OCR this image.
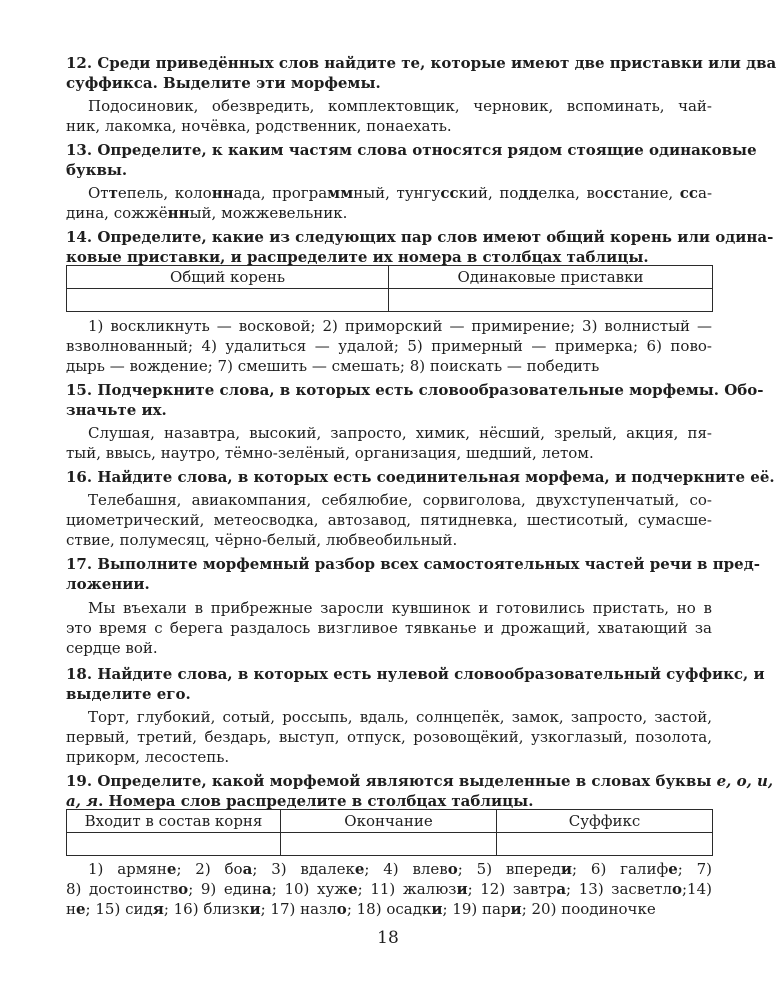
12. Среди приведённых слов найдите те, которые имеют две приставки или два
суффикса. Выделите эти морфемы.
Подосиновик, обезвредить, комплектовщик, черновик, вспоминать, чай-
ник, лакомка, ночёвка, родственник, понаехать.
13. Определите, к каким частям слова относятся рядом стоящие одинаковые
буквы.
Оттепель, колоннада, программный, тунгусский, подделка, восстание, сса-
дина, сожжённый, можжевельник.
14. Определите, какие из следующих пар слов имеют общий корень или одина-
ковые приставки, и распределите их номера в столбцах таблицы.
Общий корень	Одинаковые приставки

1) воскликнуть — восковой; 2) приморский — примирение; 3) волнистый —
взволнованный; 4) удалиться — удалой; 5) примерный — примерка; 6) пово-
дырь — вождение; 7) смешить — смешать; 8) поискать — победить
15. Подчеркните слова, в которых есть словообразовательные морфемы. Обо-
значьте их.
Слушая, назавтра, высокий, запросто, химик, нёсший, зрелый, акция, пя-
тый, ввысь, наутро, тёмно-зелёный, организация, шедший, летом.
16. Найдите слова, в которых есть соединительная морфема, и подчеркните её.
Телебашня, авиакомпания, себялюбие, сорвиголова, двухступенчатый, со-
циометрический, метеосводка, автозавод, пятидневка, шестисотый, сумасше-
ствие, полумесяц, чёрно-белый, любвеобильный.
17. Выполните морфемный разбор всех самостоятельных частей речи в пред-
ложении.
Мы въехали в прибрежные заросли кувшинок и готовились пристать, но в
это время с берега раздалось визгливое тявканье и дрожащий, хватающий за
сердце вой.
18. Найдите слова, в которых есть нулевой словообразовательный суффикс, и
выделите его.
Торт, глубокий, сотый, россыпь, вдаль, солнцепёк, замок, запросто, застой,
первый, третий, бездарь, выступ, отпуск, розовощёкий, узкоглазый, позолота,
прикорм, лесостепь.
19. Определите, какой морфемой являются выделенные в словах буквы е, о, и,
а, я. Номера слов распределите в столбцах таблицы.
Входит в состав корня	Окончание	Суффикс

1) армяне; 2) боа; 3) вдалеке; 4) влево; 5) впереди; 6) галифе; 7)
8) достоинство; 9) едина; 10) хуже; 11) жалюзи; 12) завтра; 13) засветло;14)
не; 15) сидя; 16) близки; 17) назло; 18) осадки; 19) пари; 20) поодиночке
18
